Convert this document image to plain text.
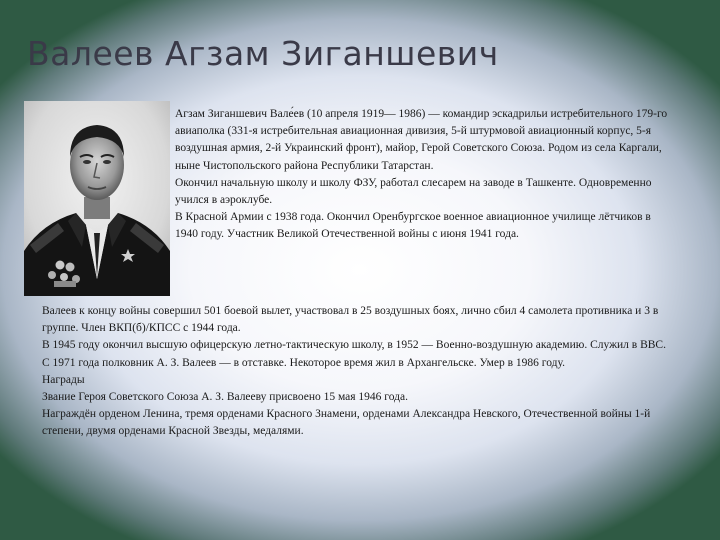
Валеев Агзам Зиганшевич

Агзам Зиганшевич Вале́ев (10 апреля 1919— 1986) — командир эскадрильи истребительного 179-го авиаполка (331-я истребительная авиационная дивизия, 5-й штурмовой авиационный корпус, 5-я воздушная армия, 2-й Украинский фронт), майор, Герой Советского Союза. Родом из села Каргали, ныне Чистопольского района Республики Татарстан.

Окончил начальную школу и школу ФЗУ, работал слесарем на заводе в Ташкенте. Одновременно учился в аэроклубе.

В Красной Армии с 1938 года. Окончил Оренбургское военное авиационное училище лётчиков в 1940 году. Участник Великой Отечественной войны с июня 1941 года.

Валеев к концу войны совершил 501 боевой вылет, участвовал в 25 воздушных боях, лично сбил 4 самолета противника и 3 в группе. Член ВКП(б)/КПСС с 1944 года.

В 1945 году окончил высшую офицерскую летно-тактическую школу, в 1952 — Военно-воздушную академию. Служил в ВВС.

С 1971 года полковник А. З. Валеев — в отставке. Некоторое время жил в Архангельске. Умер в 1986 году.

Награды

Звание Героя Советского Союза А. З. Валееву присвоено 15 мая 1946 года.

Награждён орденом Ленина, тремя орденами Красного Знамени, орденами Александра Невского, Отечественной войны 1-й степени, двумя орденами Красной Звезды, медалями.
